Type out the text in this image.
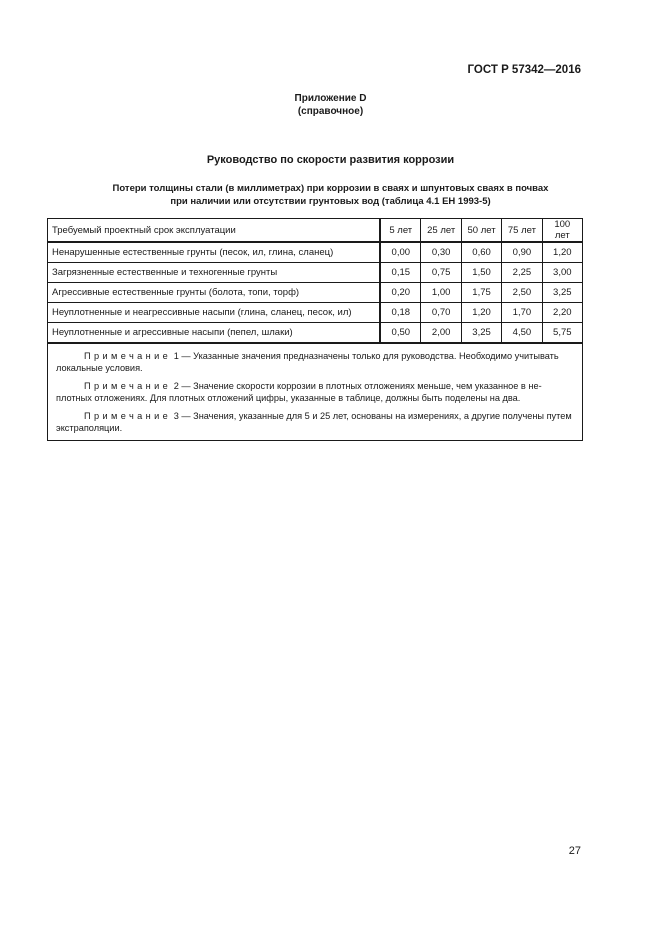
ГОСТ Р 57342—2016
Приложение D
(справочное)
Руководство по скорости развития коррозии
Потери толщины стали (в миллиметрах) при коррозии в сваях и шпунтовых сваях в почвах
при наличии или отсутствии грунтовых вод (таблица 4.1 ЕН 1993-5)
Требуемый проектный срок эксплуатации	5 лет	25 лет	50 лет	75 лет	100 лет
Ненарушенные естественные грунты (песок, ил, глина, сланец)	0,00	0,30	0,60	0,90	1,20
Загрязненные естественные и техногенные грунты	0,15	0,75	1,50	2,25	3,00
Агрессивные естественные грунты (болота, топи, торф)	0,20	1,00	1,75	2,50	3,25
Неуплотненные и неагрессивные насыпи (глина, сланец, песок, ил)	0,18	0,70	1,20	1,70	2,20
Неуплотненные и агрессивные насыпи (пепел, шлаки)	0,50	2,00	3,25	4,50	5,75

Примечание 1 — Указанные значения предназначены только для руководства. Необходимо учитывать локальные условия.

Примечание 2 — Значение скорости коррозии в плотных отложениях меньше, чем указанное в неплотных отложениях. Для плотных отложений цифры, указанные в таблице, должны быть поделены на два.

Примечание 3 — Значения, указанные для 5 и 25 лет, основаны на измерениях, а другие получены путем экстраполяции.					

27
